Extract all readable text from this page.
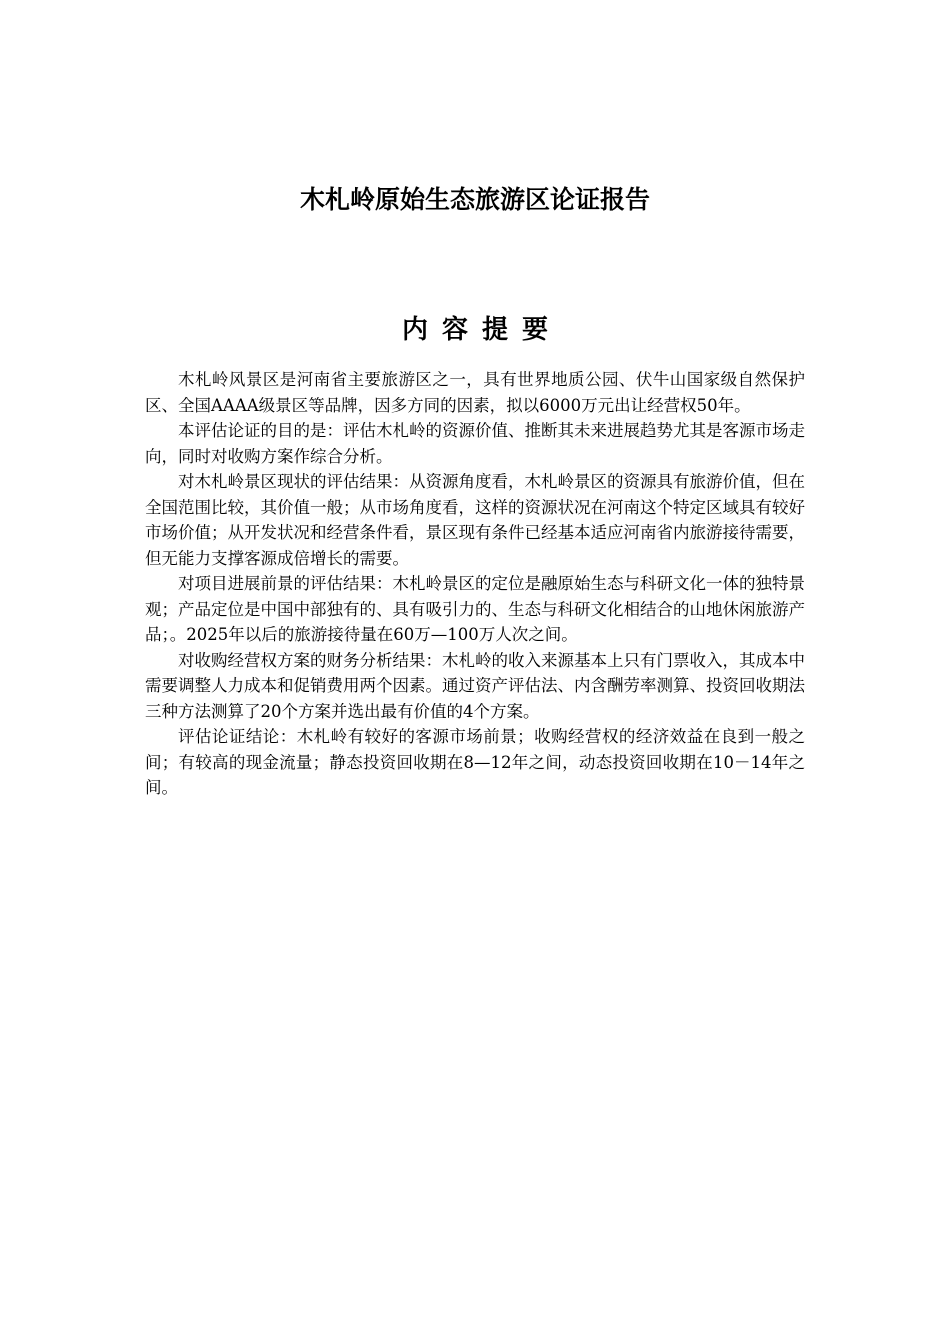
木札岭原始生态旅游区论证报告
内容提要

木札岭风景区是河南省主要旅游区之一，具有世界地质公园、伏牛山国家级自然保护区、全国AAAA级景区等品牌，因多方同的因素，拟以6000万元出让经营权50年。

本评估论证的目的是：评估木札岭的资源价值、推断其未来进展趋势尤其是客源市场走向，同时对收购方案作综合分析。

对木札岭景区现状的评估结果：从资源角度看，木札岭景区的资源具有旅游价值，但在全国范围比较，其价值一般；从市场角度看，这样的资源状况在河南这个特定区域具有较好市场价值；从开发状况和经营条件看，景区现有条件已经基本适应河南省内旅游接待需要，但无能力支撑客源成倍增长的需要。

对项目进展前景的评估结果：木札岭景区的定位是融原始生态与科研文化一体的独特景观；产品定位是中国中部独有的、具有吸引力的、生态与科研文化相结合的山地休闲旅游产品；。2025年以后的旅游接待量在60万—100万人次之间。

对收购经营权方案的财务分析结果：木札岭的收入来源基本上只有门票收入，其成本中需要调整人力成本和促销费用两个因素。通过资产评估法、内含酬劳率测算、投资回收期法三种方法测算了20个方案并选出最有价值的4个方案。

评估论证结论：木札岭有较好的客源市场前景；收购经营权的经济效益在良到一般之间；有较高的现金流量；静态投资回收期在8—12年之间，动态投资回收期在10－14年之间。
